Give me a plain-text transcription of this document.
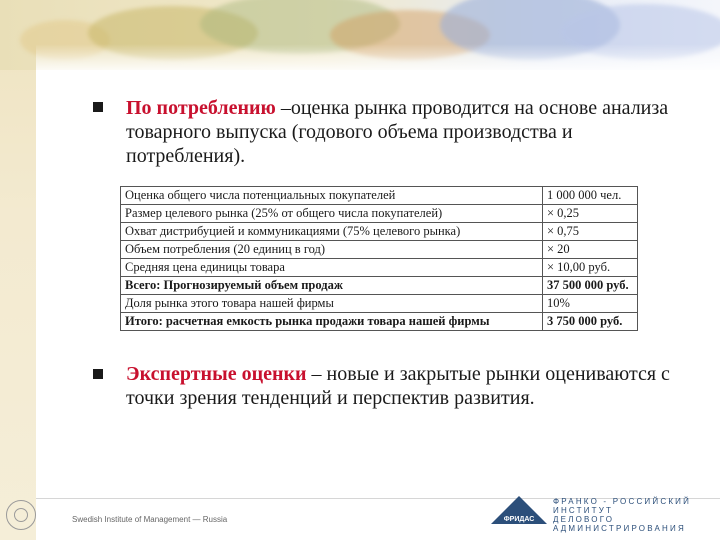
По потреблению –оценка рынка проводится на основе анализа товарного выпуска (годового объема производства и потребления).
Оценка общего числа потенциальных покупателей	1 000 000 чел.
Размер целевого рынка (25% от общего числа покупателей)	× 0,25
Охват дистрибуцией и коммуникациями (75% целевого рынка)	× 0,75
Объем потребления (20 единиц в год)	× 20
Средняя цена единицы товара	× 10,00 руб.
Всего: Прогнозируемый объем продаж	37 500 000 руб.
Доля рынка этого товара нашей фирмы	10%
Итого: расчетная емкость рынка продажи товара нашей фирмы	3 750 000 руб.
Экспертные оценки – новые и закрытые рынки оцениваются с точки зрения тенденций и перспектив развития.
Swedish Institute of Management — Russia	ФРИДАС
ФРАНКО - РОССИЙСКИЙ ИНСТИТУТ
ДЕЛОВОГО АДМИНИСТРИРОВАНИЯ
